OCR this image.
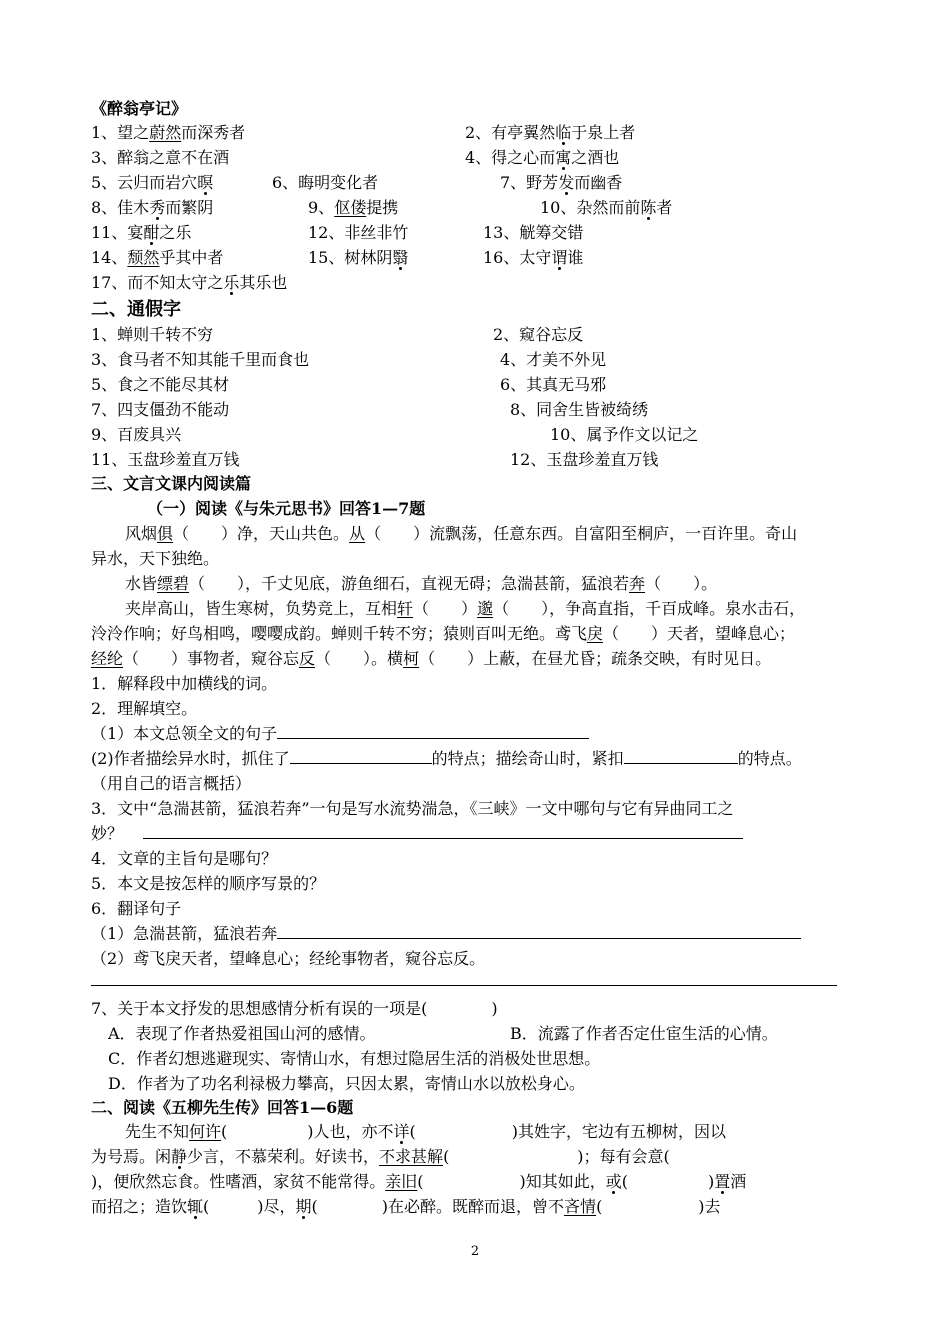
《醉翁亭记》
1、望之蔚然而深秀者	2、有亭翼然临于泉上者
3、醉翁之意不在酒	4、得之心而寓之酒也
5、云归而岩穴暝	6、晦明变化者	7、野芳发而幽香
8、佳木秀而繁阴	9、伛偻提携	10、杂然而前陈者
11、宴酣之乐	12、非丝非竹	13、觥筹交错
14、颓然乎其中者	15、树林阴翳	16、太守谓谁
17、而不知太守之乐其乐也
二、通假字
1、蝉则千转不穷	2、窥谷忘反
3、食马者不知其能千里而食也	4、才美不外见
5、食之不能尽其材	6、其真无马邪
7、四支僵劲不能动	8、同舍生皆被绮绣
9、百废具兴	10、属予作文以记之
11、玉盘珍羞直万钱	12、玉盘珍羞直万钱
三、文言文课内阅读篇
（一）阅读《与朱元思书》回答1—7题
风烟俱（　　）净，天山共色。从（　　）流飘荡，任意东西。自富阳至桐庐，一百许里。奇山
异水，天下独绝。
水皆缥碧（　　），千丈见底，游鱼细石，直视无碍；急湍甚箭，猛浪若奔（　　）。
夹岸高山，皆生寒树，负势竞上，互相轩（　　）邈（　　），争高直指，千百成峰。泉水击石，
泠泠作响；好鸟相鸣，嘤嘤成韵。蝉则千转不穷；猿则百叫无绝。鸢飞戾（　　）天者，望峰息心；
经纶（　　）事物者，窥谷忘反（　　）。横柯（　　）上蔽，在昼尤昏；疏条交映，有时见日。
1．解释段中加横线的词。
2．理解填空。
（1）本文总领全文的句子
(2)作者描绘异水时，抓住了	的特点；描绘奇山时，紧扣	的特点。
（用自己的语言概括）
3．文中“急湍甚箭，猛浪若奔”一句是写水流势湍急，《三峡》一文中哪句与它有异曲同工之
妙？
4．文章的主旨句是哪句？
5．本文是按怎样的顺序写景的？
6．翻译句子
（1）急湍甚箭，猛浪若奔
（2）鸢飞戾天者，望峰息心；经纶事物者，窥谷忘反。
7、关于本文抒发的思想感情分析有误的一项是(　　　　)
A．表现了作者热爱祖国山河的感情。	B．流露了作者否定仕宦生活的心情。
C．作者幻想逃避现实、寄情山水，有想过隐居生活的消极处世思想。
D．作者为了功名利禄极力攀高，只因太累，寄情山水以放松身心。
二、阅读《五柳先生传》回答1—6题
先生不知何许(　　　　　)人也，亦不详(　　　　　　)其姓字，宅边有五柳树，因以
为号焉。闲静少言，不慕荣利。好读书，不求甚解(　　　　　　　　)；每有会意(
)，便欣然忘食。性嗜酒，家贫不能常得。亲旧(　　　　　　)知其如此，或(　　　　　)置酒
而招之；造饮辄(　　　)尽，期(　　　　)在必醉。既醉而退，曾不吝情(　　　　　　)去
2
